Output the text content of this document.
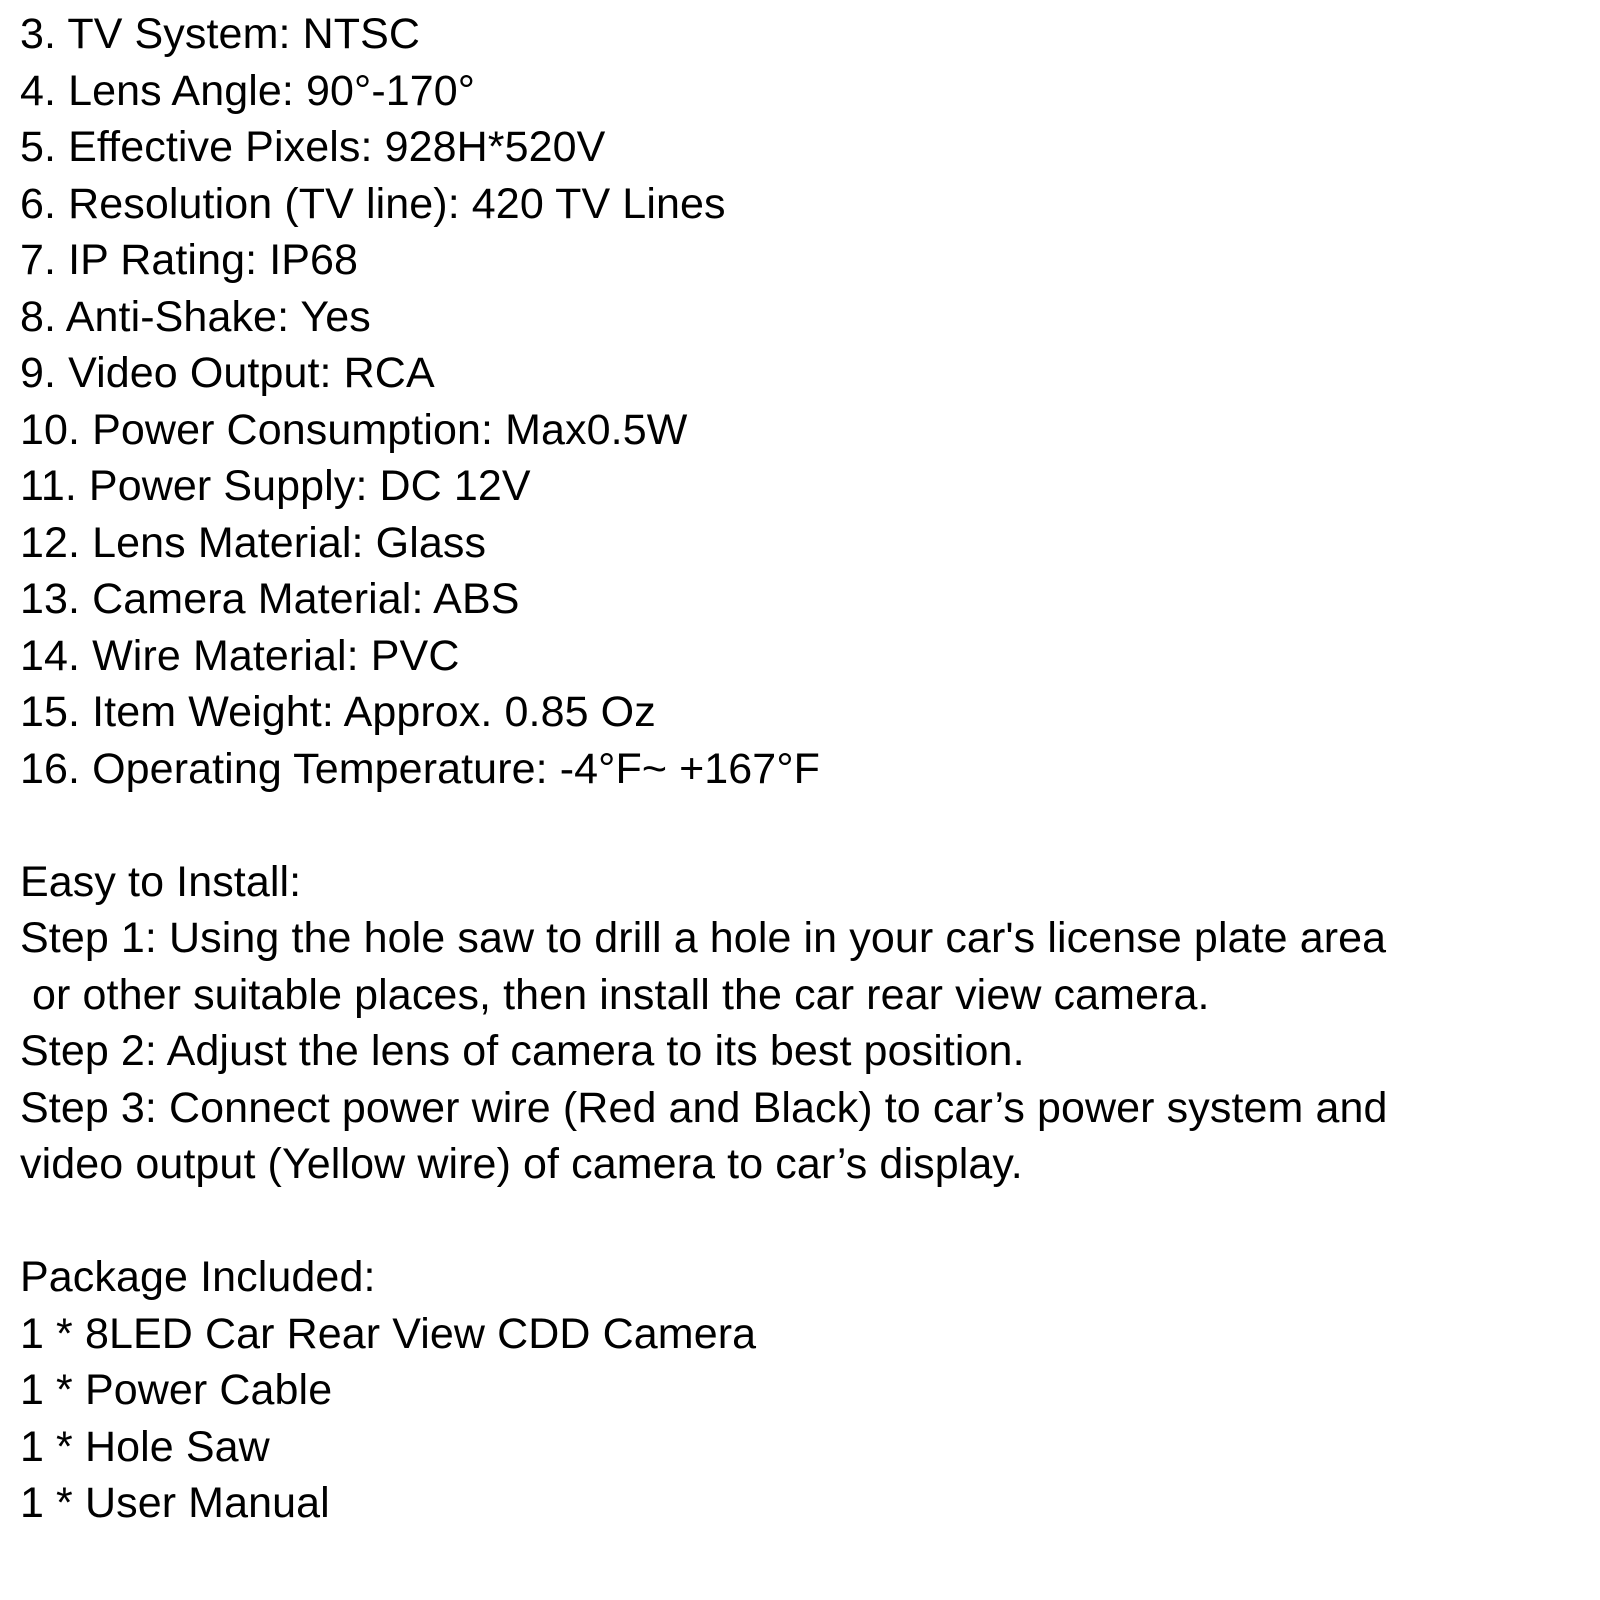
3. TV System: NTSC
4. Lens Angle: 90°-170°
5. Effective Pixels: 928H*520V
6. Resolution (TV line): 420 TV Lines
7. IP Rating: IP68
8. Anti-Shake: Yes
9. Video Output: RCA
10. Power Consumption: Max0.5W
11. Power Supply: DC 12V
12. Lens Material: Glass
13. Camera Material: ABS
14. Wire Material: PVC
15. Item Weight: Approx. 0.85 Oz
16. Operating Temperature: -4°F~ +167°F
Easy to Install:
Step 1: Using the hole saw to drill a hole in your car's license plate area
or other suitable places, then install the car rear view camera.
Step 2: Adjust the lens of camera to its best position.
Step 3: Connect power wire (Red and Black) to car’s power system and
video output (Yellow wire) of camera to car’s display.
Package Included:
1 * 8LED Car Rear View CDD Camera
1 * Power Cable
1 * Hole Saw
1 * User Manual
